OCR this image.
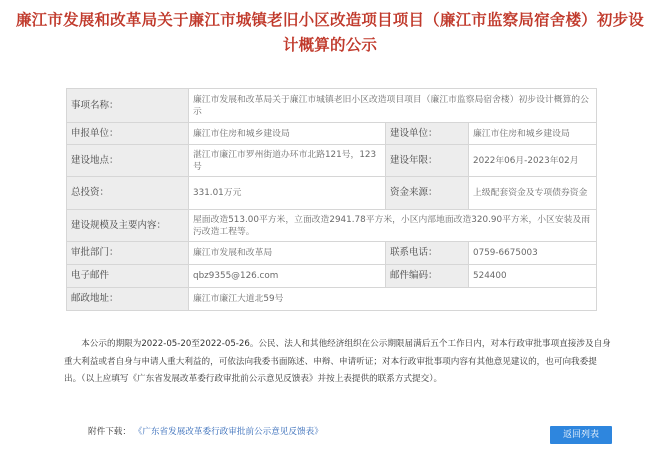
廉江市发展和改革局关于廉江市城镇老旧小区改造项目项目（廉江市监察局宿舍楼）初步设计概算的公示
事项名称：	廉江市发展和改革局关于廉江市城镇老旧小区改造项目项目（廉江市监察局宿舍楼）初步设计概算的公示		
申报单位：	廉江市住房和城乡建设局	建设单位：	廉江市住房和城乡建设局
建设地点：	湛江市廉江市罗州街道办环市北路121号，123号	建设年限：	2022年06月-2023年02月
总投资：	331.01万元	资金来源：	上级配套资金及专项债券资金
建设规模及主要内容：	屋面改造513.00平方米，立面改造2941.78平方米，小区内部地面改造320.90平方米，小区安装及雨污改造工程等。		
审批部门：	廉江市发展和改革局	联系电话：	0759-6675003
电子邮件	qbz9355@126.com	邮件编码：	524400
邮政地址：	廉江市廉江大道北59号		

本公示的期限为2022-05-20至2022-05-26。公民、法人和其他经济组织在公示期限届满后五个工作日内，对本行政审批事项直接涉及自身重大利益或者自身与申请人重大利益的，可依法向我委书面陈述、申辩、申请听证；对本行政审批事项内容有其他意见建议的，也可向我委提出。（以上应填写《广东省发展改革委行政审批前公示意见反馈表》并按上表提供的联系方式提交）。

附件下载： 《广东省发展改革委行政审批前公示意见反馈表》	返回列表
